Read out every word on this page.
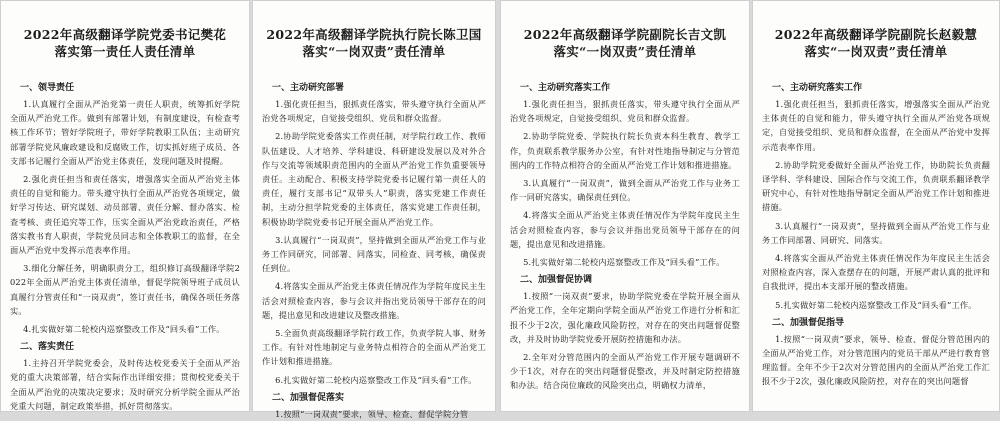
2022年高级翻译学院党委书记樊花
落实第一责任人责任清单
一、领导责任

1.认真履行全面从严治党第一责任人职责，统筹抓好学院全面从严治党工作。做到有部署计划，有制度建设，有检查考核工作环节；管好学院班子，带好学院教职工队伍；主动研究部署学院党风廉政建设和反腐败工作，切实抓好班子成员、各支部书记履行全面从严治党主体责任，发现问题及时提醒。

2.强化责任担当和责任落实，增强落实全面从严治党主体责任的自觉和能力。带头遵守执行全面从严治党各项规定，做好学习传达、研究谋划、动员部署、责任分解、督办落实、检查考核、责任追究等工作，压实全面从严治党政治责任，严格落实教书育人职责，学院党员同志和全体教职工的监督，在全面从严治党中发挥示范表率作用。

3.细化分解任务，明确职责分工，组织修订高级翻译学院2022年全面从严治党主体责任清单，督促学院领导班子成员认真履行分管责任和“一岗双责”，签订责任书，确保各项任务落实。

4.扎实做好第二轮校内巡察整改工作及“回头看”工作。

二、落实责任

1.主持召开学院党委会，及时传达校党委关于全面从严治党的重大决策部署，结合实际作出详细安排；贯彻校党委关于全面从严治党的决策决定要求；及时研究分析学院全面从严治党重大问题，制定政策举措，抓好贯彻落实。

2022年高级翻译学院执行院长陈卫国
落实“一岗双责”责任清单
一、主动研究部署

1.强化责任担当，狠抓责任落实，带头遵守执行全面从严治党各项规定，自觉接受组织、党员和群众监督。

2.协助学院党委落实工作责任制，对学院行政工作、教师队伍建设、人才培养、学科建设、科研建设发展以及对外合作与交流等领域职责范围内的全面从严治党工作负重要领导责任。主动配合、积极支持学院党委书记履行第一责任人的责任，履行支部书记“双带头人”职责，落实党建工作责任制，主动分担学院党委的主体责任，落实党建工作责任制，积极协助学院党委书记开展全面从严治党工作。

3.认真履行“一岗双责”，坚持做到全面从严治党工作与业务工作同研究，同部署、同落实，同检查、同考核，确保责任到位。

4.将落实全面从严治党主体责任情况作为学院年度民主生活会对照检查内容，参与会议并指出党员领导干部存在的问题，提出意见和改进建议及整改措施。

5.全面负责高级翻译学院行政工作，负责学院人事、财务工作。有针对性地制定与业务特点相符合的全面从严治党工作计划和推进措施。

6.扎实做好第二轮校内巡察整改工作及“回头看”工作。

二、加强督促落实

1.按照“一岗双责”要求，领导、检查、督促学院分管

2022年高级翻译学院副院长吉文凯
落实“一岗双责”责任清单
一、主动研究落实工作

1.强化责任担当，狠抓责任落实，带头遵守执行全面从严治党各项规定，自觉接受组织、党员和群众监督。

2.协助学院党委、学院执行院长负责本科生教育、教学工作，负责联系教学服务办公室，有针对性地指导制定与分管范围内的工作特点相符合的全面从严治党工作计划和推进措施。

3.认真履行“一岗双责”，做到全面从严治党工作与业务工作一同研究落实，确保责任到位。

4.将落实全面从严治党主体责任情况作为学院年度民主生活会对照检查内容，参与会议并指出党员领导干部存在的问题，提出意见和改进措施。

5.扎实做好第二轮校内巡察整改工作及“回头看”工作。

二、加强督促协调

1.按照“一岗双责”要求，协助学院党委在学院开展全面从严治党工作，全年定期向学院全面从严治党工作进行分析和汇报不少于2次，强化廉政风险防控，对存在的突出问题督促整改，并及时协助学院党委开展防控措施和办法。

2.全年对分管范围内的全面从严治党工作开展专题调研不少于1次，对存在的突出问题督促整改，并及时制定防控措施和办法。结合岗位廉政的风险突出点，明确权力清单，

2022年高级翻译学院副院长赵毅慧
落实“一岗双责”责任清单
一、主动研究落实工作

1.强化责任担当，狠抓责任落实，增强落实全面从严治党主体责任的自觉和能力，带头遵守执行全面从严治党各项规定，自觉接受组织、党员和群众监督，在全面从严治党中发挥示范表率作用。

2.协助学院党委做好全面从严治党工作，协助院长负责翻译学科、学科建设、国际合作与交流工作，负责联系翻译教学研究中心，有针对性地指导制定全面从严治党工作计划和推进措施。

3.认真履行“一岗双责”，坚持做到全面从严治党工作与业务工作同部署、同研究、同落实。

4.将落实全面从严治党主体责任情况作为年度民主生活会对照检查内容，深入查摆存在的问题，开展严肃认真的批评和自我批评，提出本支部开展的整改措施。

5.扎实做好第二轮校内巡察整改工作及“回头看”工作。

二、加强督促指导

1.按照“一岗双责”要求，领导、检查、督促分管范围内的全面从严治党工作，对分管范围内的党员干部从严进行教育管理监督。全年不少于2次对分管范围内的全面从严治党工作汇报不少于2次，强化廉政风险防控，对存在的突出问题督
